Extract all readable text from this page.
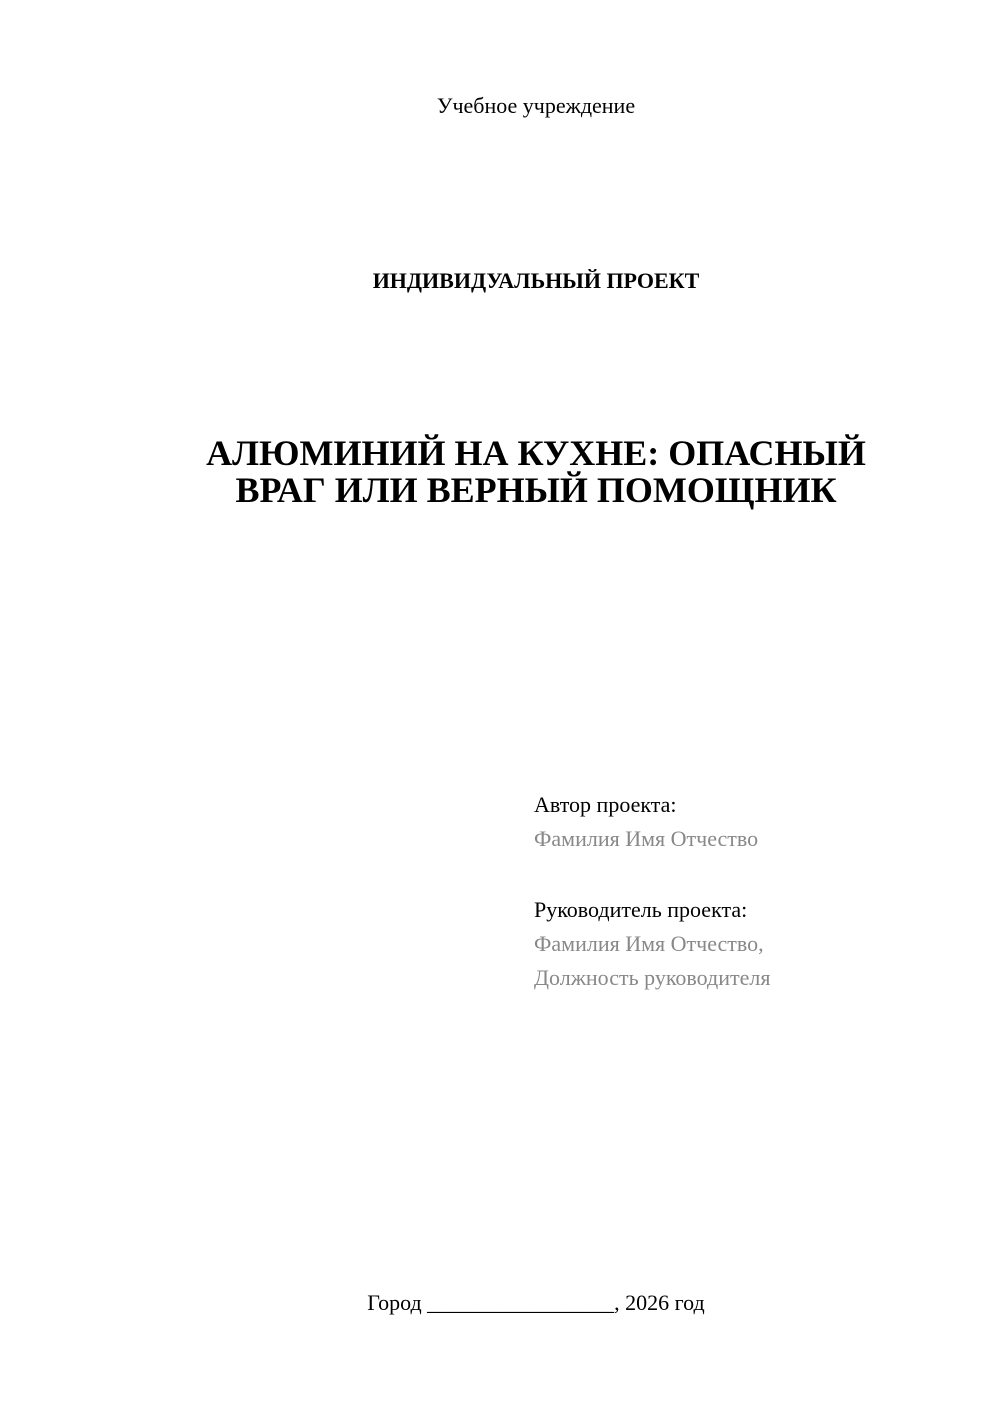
Учебное учреждение
ИНДИВИДУАЛЬНЫЙ ПРОЕКТ
АЛЮМИНИЙ НА КУХНЕ: ОПАСНЫЙ
ВРАГ ИЛИ ВЕРНЫЙ ПОМОЩНИК
Автор проекта:
Фамилия Имя Отчество
Руководитель проекта:
Фамилия Имя Отчество,
Должность руководителя
Город _________________, 2026 год
